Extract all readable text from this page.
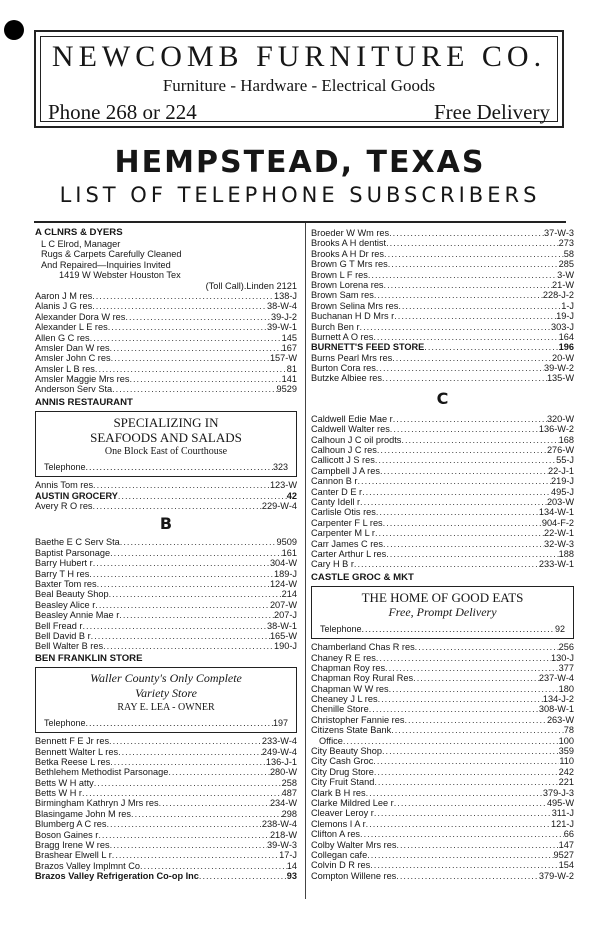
NEWCOMB FURNITURE CO.
Furniture - Hardware - Electrical Goods
Phone 268 or 224	Free Delivery
HEMPSTEAD, TEXAS
LIST OF TELEPHONE SUBSCRIBERS
A CLNRS & DYERS
L C Elrod, Manager
Rugs & Carpets Carefully Cleaned
And Repaired—Inquiries Invited
1419 W Webster Houston Tex
(Toll Call).Linden 2121
Aaron J M res .....	138-J
Alanis J G res .....	38-W-4
Alexander Dora W res .....	39-J-2
Alexander L E res .....	39-W-1
Allen G C res .....	145
Amsler Dan W res .....	167
Amsler John C res .....	157-W
Amsler L B res .....	81
Amsler Maggie Mrs res .....	141
Anderson Serv Sta .....	9529
ANNIS RESTAURANT
SPECIALIZING IN
SEAFOODS AND SALADS
One Block East of Courthouse
Telephone .....	323
Annis Tom res .....	123-W
AUSTIN GROCERY .....	42
Avery R O res .....	229-W-4
B
Baethe E C Serv Sta .....	9509
Baptist Parsonage .....	161
Barry Hubert r .....	304-W
Barry T H res .....	189-J
Baxter Tom res .....	124-W
Beal Beauty Shop .....	214
Beasley Alice r .....	207-W
Beasley Annie Mae r .....	207-J
Bell Fread r .....	38-W-1
Bell David B r .....	165-W
Bell Walter B res .....	190-J
BEN FRANKLIN STORE
Waller County's Only Complete
Variety Store
RAY E. LEA - OWNER
Telephone .....	197
Bennett F E Jr res .....	233-W-4
Bennett Walter L res .....	249-W-4
Betka Reese L res .....	136-J-1
Bethlehem Methodist Parsonage .....	280-W
Betts W H atty .....	258
Betts W H r .....	487
Birmingham Kathryn J Mrs res .....	234-W
Blasingame John M res .....	298
Blumberg A C res .....	238-W-4
Boson Gaines r .....	218-W
Bragg Irene W res .....	39-W-3
Brashear Elwell L r .....	17-J
Brazos Valley Implmnt Co .....	14
Brazos Valley Refrigeration Co-op Inc .....	93
Broeder W Wm res .....	37-W-3
Brooks A H dentist .....	273
Brooks A H Dr res .....	58
Brown G T Mrs res .....	285
Brown L F res .....	3-W
Brown Lorena res .....	21-W
Brown Sam res .....	228-J-2
Brown Selina Mrs res .....	1-J
Buchanan H D Mrs r .....	19-J
Burch Ben r .....	303-J
Burnett A O res .....	164
BURNETT'S FEED STORE .....	196
Burns Pearl Mrs res .....	20-W
Burton Cora res .....	39-W-2
Butzke Albiee res .....	135-W
C
Caldwell Edie Mae r .....	320-W
Caldwell Walter res .....	136-W-2
Calhoun J C oil prodts .....	168
Calhoun J C res .....	276-W
Callicott J S res .....	55-J
Campbell J A res .....	22-J-1
Cannon B r .....	219-J
Canter D E r .....	495-J
Canty Idell r .....	203-W
Carlisle Otis res .....	134-W-1
Carpenter F L res .....	904-F-2
Carpenter M L r .....	22-W-1
Carr James C res .....	32-W-3
Carter Arthur L res .....	188
Cary H B r .....	233-W-1
CASTLE GROC & MKT
THE HOME OF GOOD EATS
Free, Prompt Delivery
Telephone .....	92
Chamberland Chas R res .....	256
Chaney R E res .....	130-J
Chapman Roy res .....	377
Chapman Roy Rural Res .....	237-W-4
Chapman W W res .....	180
Cheaney J L res .....	134-J-2
Chenille Store .....	308-W-1
Christopher Fannie res .....	263-W
Citizens State Bank .....	78
Office .....	100
City Beauty Shop .....	359
City Cash Groc .....	110
City Drug Store .....	242
City Fruit Stand .....	221
Clark B H res .....	379-J-3
Clarke Mildred Lee r .....	495-W
Cleaver Leroy r .....	311-J
Clemons I A r .....	121-J
Clifton A res .....	66
Colby Walter Mrs res .....	147
Collegan cafe .....	9527
Colvin D R res .....	154
Compton Willene res .....	379-W-2
